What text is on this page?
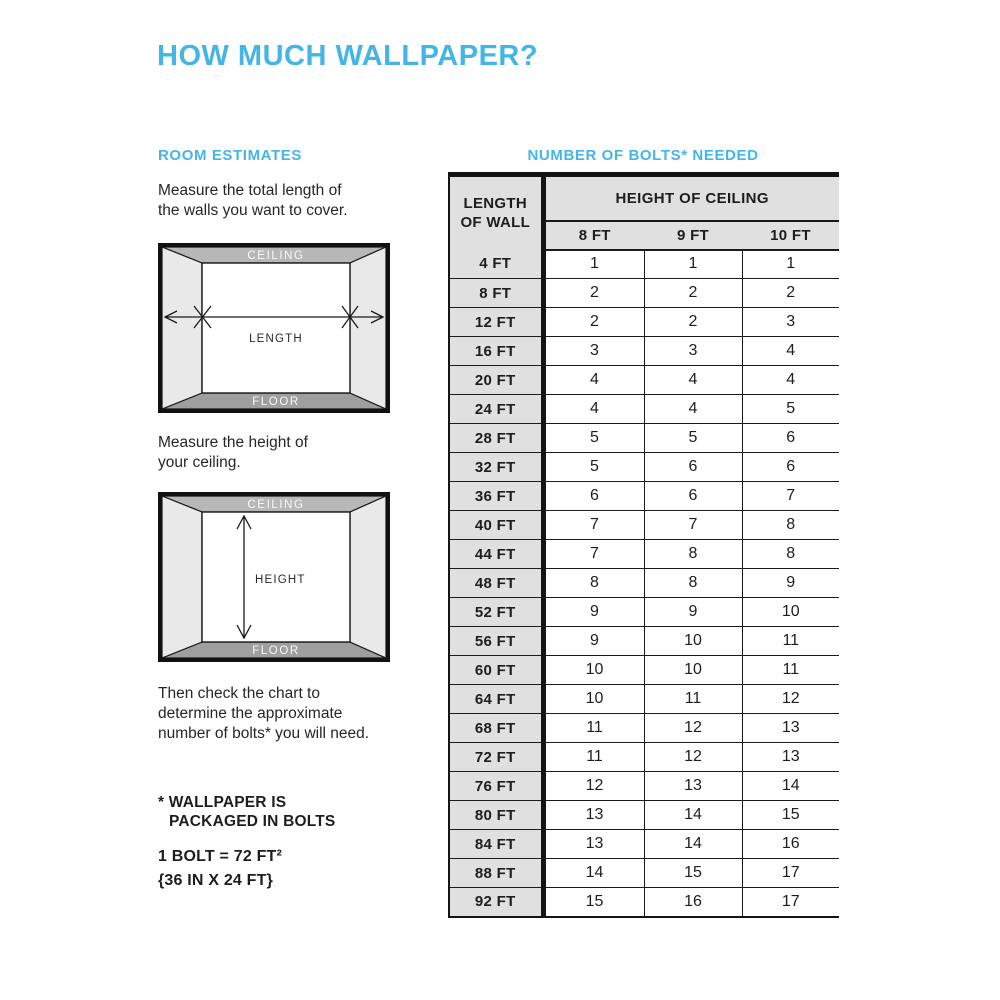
HOW MUCH WALLPAPER?
ROOM ESTIMATES
Measure the total length of
the walls you want to cover.
CEILING
FLOOR
LENGTH
Measure the height of
your ceiling.
CEILING
FLOOR
HEIGHT
Then check the chart to
determine the approximate
number of bolts* you will need.
* WALLPAPER IS
PACKAGED IN BOLTS
1 BOLT = 72 FT²
{36 IN X 24 FT}
NUMBER OF BOLTS* NEEDED
LENGTH
OF WALL	HEIGHT OF CEILING		
	8 FT	9 FT	10 FT
4 FT	1	1	1
8 FT	2	2	2
12 FT	2	2	3
16 FT	3	3	4
20 FT	4	4	4
24 FT	4	4	5
28 FT	5	5	6
32 FT	5	6	6
36 FT	6	6	7
40 FT	7	7	8
44 FT	7	8	8
48 FT	8	8	9
52 FT	9	9	10
56 FT	9	10	11
60 FT	10	10	11
64 FT	10	11	12
68 FT	11	12	13
72 FT	11	12	13
76 FT	12	13	14
80 FT	13	14	15
84 FT	13	14	16
88 FT	14	15	17
92 FT	15	16	17
